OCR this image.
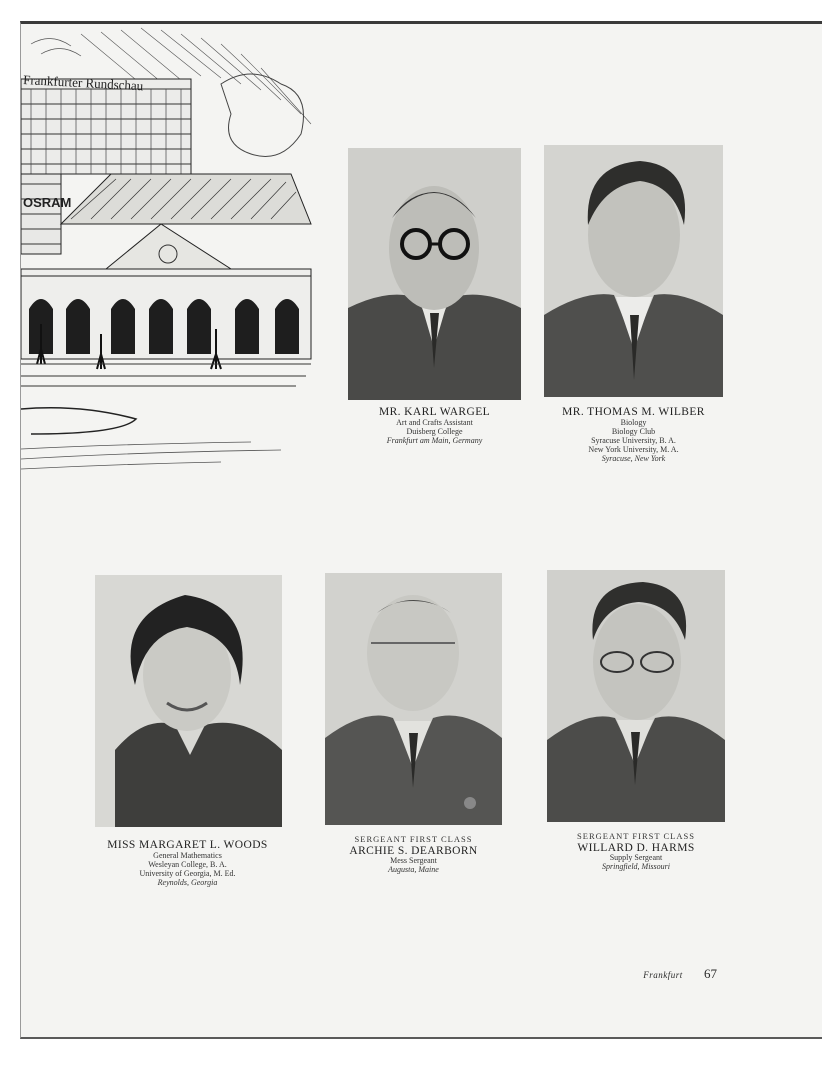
Frankfurter Rundschau
OSRAM
MR. KARL WARGEL
Art and Crafts Assistant
Duisberg College
Frankfurt am Main, Germany
MR. THOMAS M. WILBER
Biology
Biology Club
Syracuse University, B. A.
New York University, M. A.
Syracuse, New York
MISS MARGARET L. WOODS
General Mathematics
Wesleyan College, B. A.
University of Georgia, M. Ed.
Reynolds, Georgia
SERGEANT FIRST CLASS
ARCHIE S. DEARBORN
Mess Sergeant
Augusta, Maine
SERGEANT FIRST CLASS
WILLARD D. HARMS
Supply Sergeant
Springfield, Missouri
Frankfurt 67
